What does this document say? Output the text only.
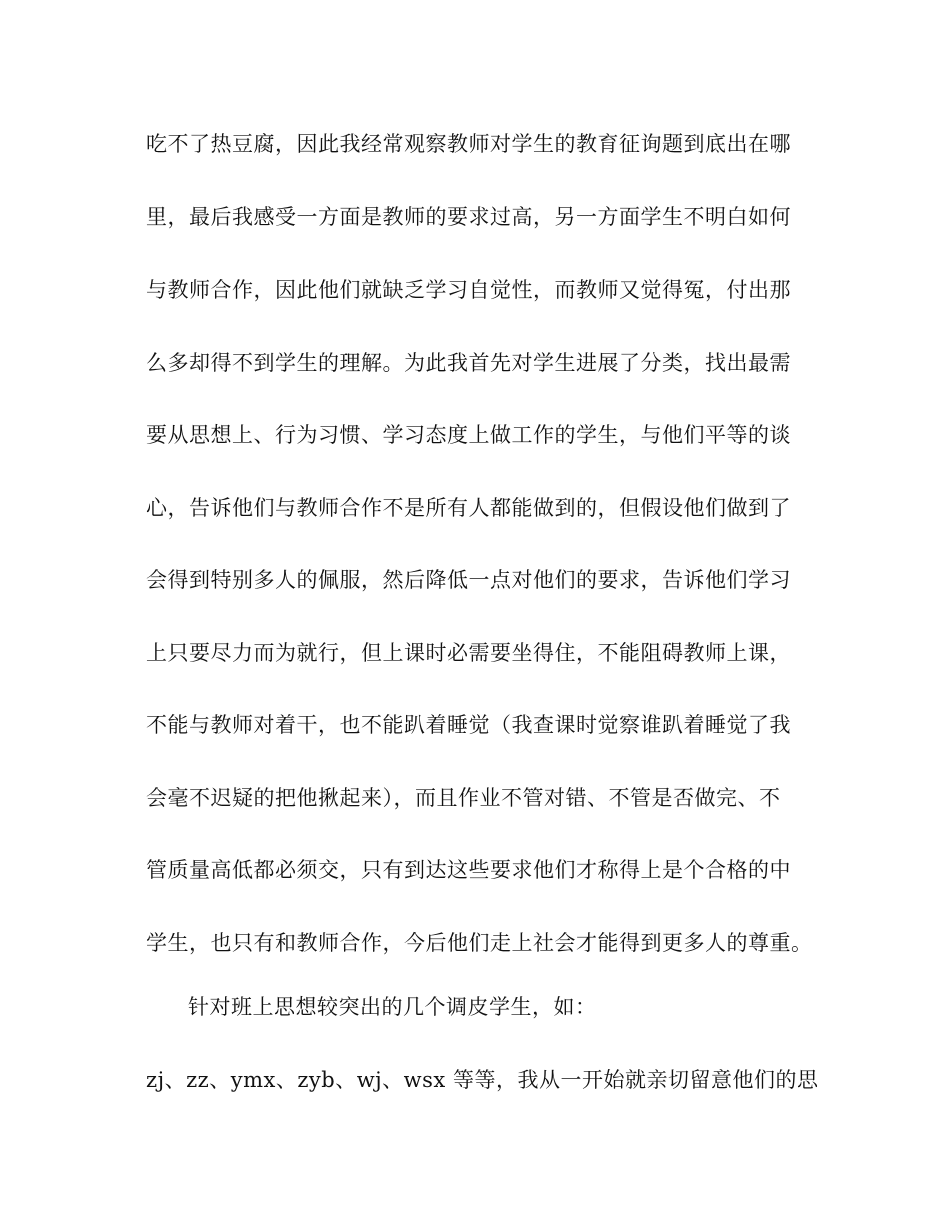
吃不了热豆腐，因此我经常观察教师对学生的教育征询题到底出在哪
里，最后我感受一方面是教师的要求过高，另一方面学生不明白如何
与教师合作，因此他们就缺乏学习自觉性，而教师又觉得冤，付出那
么多却得不到学生的理解。为此我首先对学生进展了分类，找出最需
要从思想上、行为习惯、学习态度上做工作的学生，与他们平等的谈
心，告诉他们与教师合作不是所有人都能做到的，但假设他们做到了
会得到特别多人的佩服，然后降低一点对他们的要求，告诉他们学习
上只要尽力而为就行，但上课时必需要坐得住，不能阻碍教师上课，
不能与教师对着干，也不能趴着睡觉（我查课时觉察谁趴着睡觉了我
会毫不迟疑的把他揪起来），而且作业不管对错、不管是否做完、不
管质量高低都必须交，只有到达这些要求他们才称得上是个合格的中
学生，也只有和教师合作，今后他们走上社会才能得到更多人的尊重。
针对班上思想较突出的几个调皮学生，如：
zj、zz、ymx、zyb、wj、wsx 等等，我从一开始就亲切留意他们的思
